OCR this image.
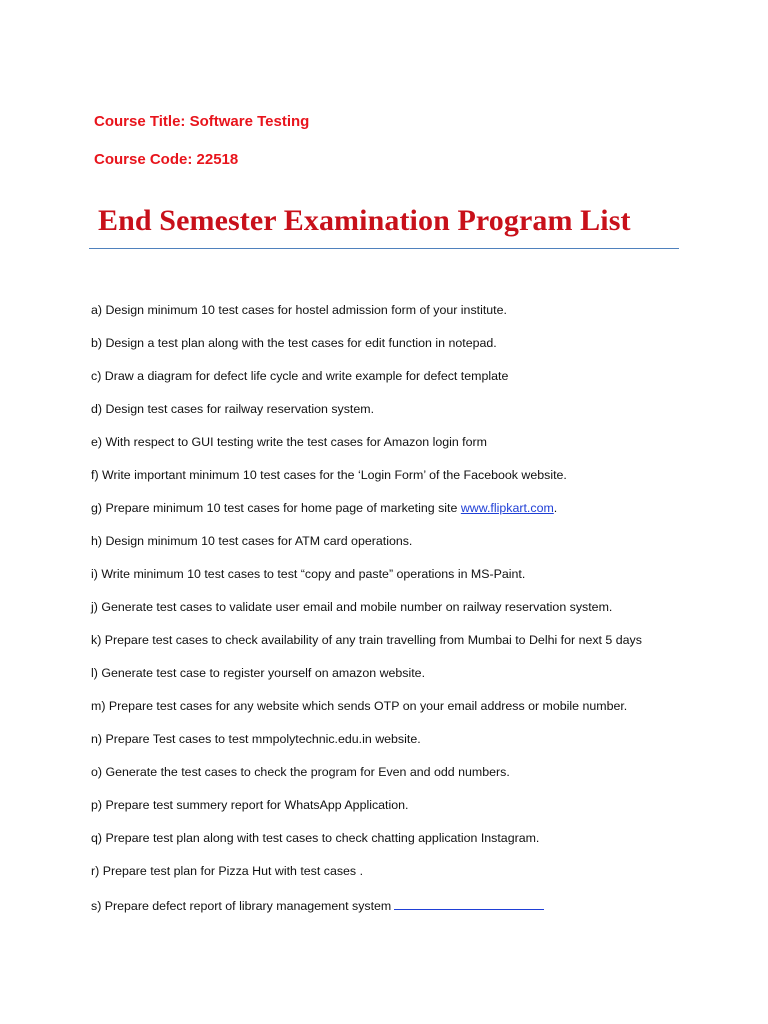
Course Title: Software Testing
Course Code: 22518
End Semester Examination Program List
a) Design minimum 10 test cases for hostel admission form of your institute.
b) Design a test plan along with the test cases for edit function in notepad.
c) Draw a diagram for defect life cycle and write example for defect template
d) Design test cases for railway reservation system.
e) With respect to GUI testing write the test cases for Amazon login form
f) Write important minimum 10 test cases for the ‘Login Form’ of the Facebook website.
g) Prepare minimum 10 test cases for home page of marketing site www.flipkart.com.
h) Design minimum 10 test cases for ATM card operations.
i) Write minimum 10 test cases to test “copy and paste” operations in MS-Paint.
j) Generate test cases to validate user email and mobile number on railway reservation system.
k) Prepare test cases to check availability of any train travelling from Mumbai to Delhi for next 5 days
l) Generate test case to register yourself on amazon website.
m) Prepare test cases for any website which sends OTP on your email address or mobile number.
n) Prepare Test cases to test mmpolytechnic.edu.in website.
o) Generate the test cases to check the program for Even and odd numbers.
p) Prepare test summery report for WhatsApp Application.
q) Prepare test plan along with test cases to check chatting application Instagram.
r) Prepare test plan for Pizza Hut with test cases .
s) Prepare defect report of library management system
